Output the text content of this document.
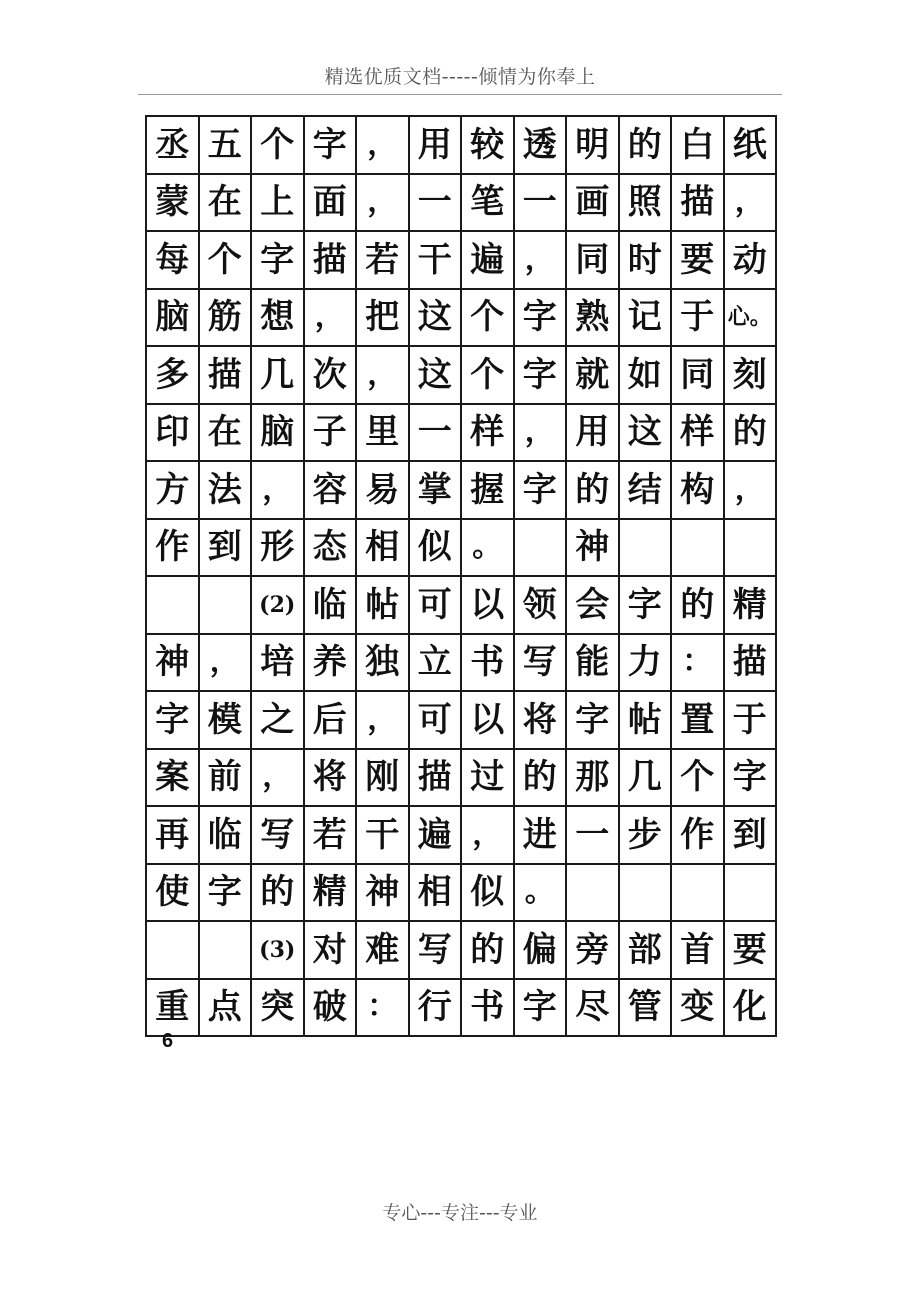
精选优质文档-----倾情为你奉上
丞 五 个 字 ， 用 较 透 明 的 白 纸
蒙 在 上 面 ， 一 笔 一 画 照 描 ，
每 个 字 描 若 干 遍 ， 同 时 要 动
脑 筋 想 ， 把 这 个 字 熟 记 于 心。
多 描 几 次 ， 这 个 字 就 如 同 刻
印 在 脑 子 里 一 样 ， 用 这 样 的
方 法 ， 容 易 掌 握 字 的 结 构 ，
作 到 形 态 相 似 。	神
(2) 临 帖 可 以 领 会 字 的 精
神 ， 培 养 独 立 书 写 能 力 ： 描
字 模 之 后 ， 可 以 将 字 帖 置 于
案 前 ， 将 刚 描 过 的 那 几 个 字
再 临 写 若 干 遍 ， 进 一 步 作 到
使 字 的 精 神 相 似 。
(3) 对 难 写 的 偏 旁 部 首 要
重 点 突 破 ： 行 书 字 尽 管 变 化
6
专心---专注---专业
